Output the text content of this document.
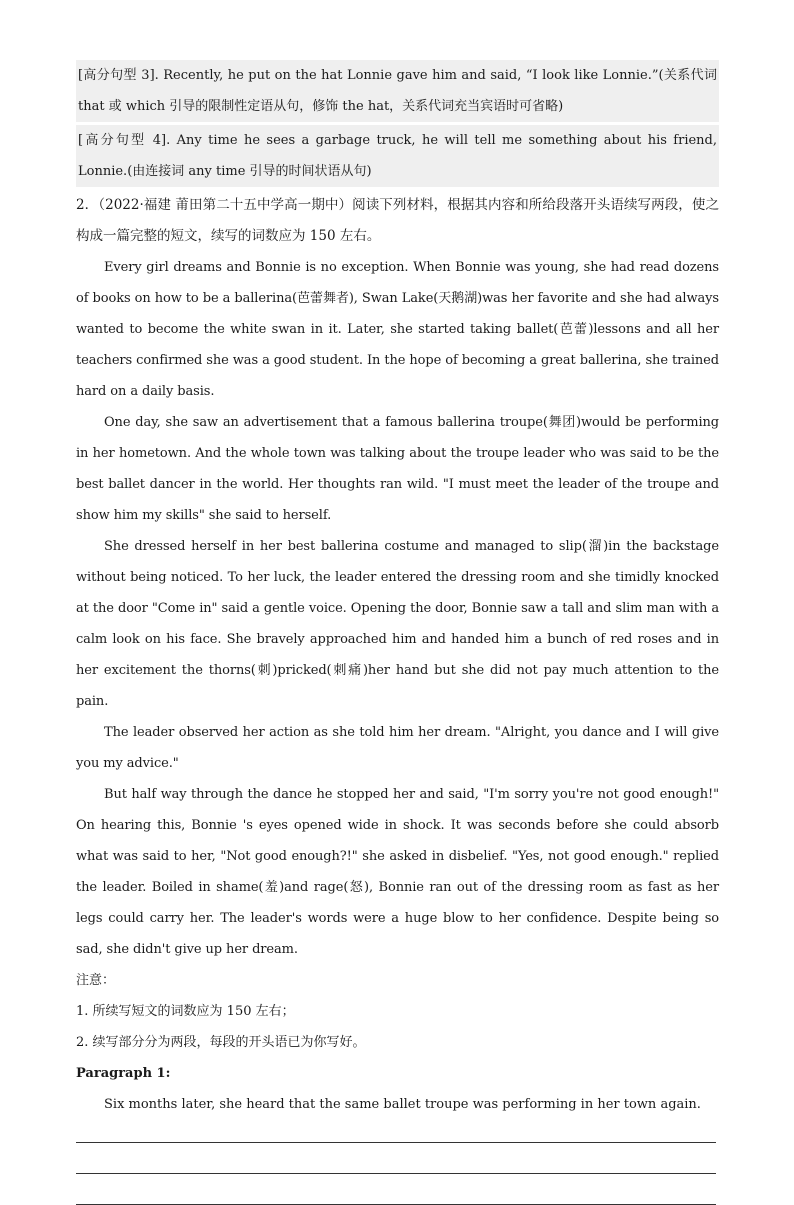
[高分句型 3]. Recently, he put on the hat Lonnie gave him and said, “I look like Lonnie.”(关系代词 that 或 which 引导的限制性定语从句，修饰 the hat，关系代词充当宾语时可省略)
[高分句型 4]. Any time he sees a garbage truck, he will tell me something about his friend, Lonnie.(由连接词 any time 引导的时间状语从句)
2．（2022·福建 莆田第二十五中学高一期中）阅读下列材料，根据其内容和所给段落开头语续写两段，使之构成一篇完整的短文，续写的词数应为 150 左右。
Every girl dreams and Bonnie is no exception. When Bonnie was young, she had read dozens of books on how to be a ballerina(芭蕾舞者), Swan Lake(天鹅湖)was her favorite and she had always wanted to become the white swan in it. Later, she started taking ballet(芭蕾)lessons and all her teachers confirmed she was a good student. In the hope of becoming a great ballerina, she trained hard on a daily basis.
One day, she saw an advertisement that a famous ballerina troupe(舞团)would be performing in her hometown. And the whole town was talking about the troupe leader who was said to be the best ballet dancer in the world. Her thoughts ran wild. "I must meet the leader of the troupe and show him my skills" she said to herself.
She dressed herself in her best ballerina costume and managed to slip(溜)in the backstage without being noticed. To her luck, the leader entered the dressing room and she timidly knocked at the door "Come in" said a gentle voice. Opening the door, Bonnie saw a tall and slim man with a calm look on his face. She bravely approached him and handed him a bunch of red roses and in her excitement the thorns(刺)pricked(刺痛)her hand but she did not pay much attention to the pain.
The leader observed her action as she told him her dream. "Alright, you dance and I will give you my advice."
But half way through the dance he stopped her and said, "I'm sorry you're not good enough!" On hearing this, Bonnie 's eyes opened wide in shock. It was seconds before she could absorb what was said to her, "Not good enough?!" she asked in disbelief. "Yes, not good enough." replied the leader. Boiled in shame(羞)and rage(怒), Bonnie ran out of the dressing room as fast as her legs could carry her. The leader's words were a huge blow to her confidence. Despite being so sad, she didn't give up her dream.
注意：
1. 所续写短文的词数应为 150 左右；
2. 续写部分分为两段，每段的开头语已为你写好。
Paragraph 1:
Six months later, she heard that the same ballet troupe was performing in her town again.
